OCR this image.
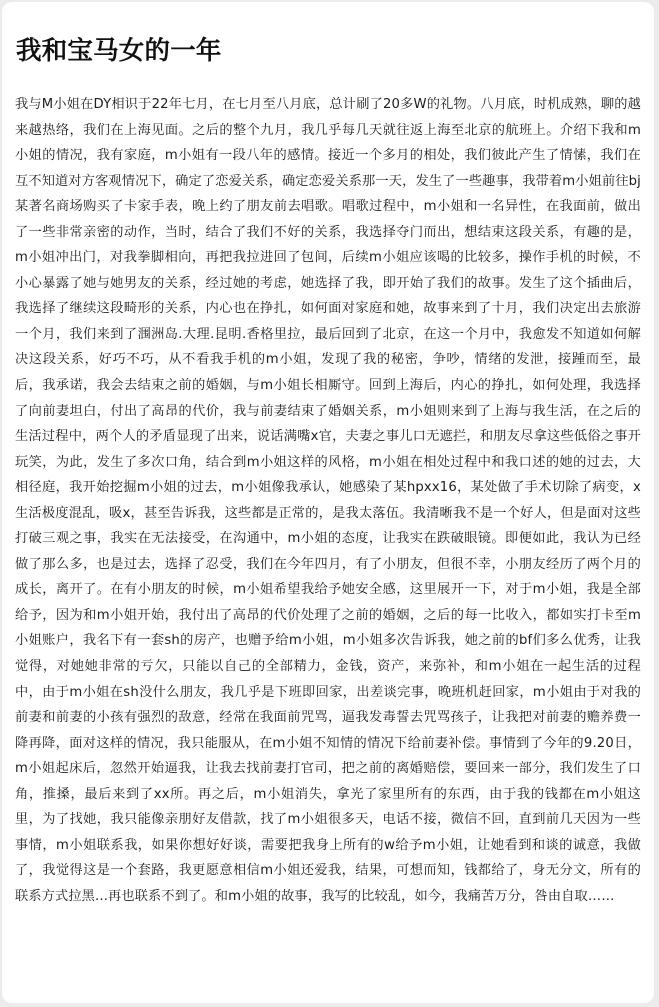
我和宝马女的一年

我与M小姐在DY相识于22年七月，在七月至八月底，总计刷了20多W的礼物。八月底，时机成熟，聊的越来越热络，我们在上海见面。之后的整个九月，我几乎每几天就往返上海至北京的航班上。介绍下我和m小姐的情况，我有家庭，m小姐有一段八年的感情。接近一个多月的相处，我们彼此产生了情愫，我们在互不知道对方客观情况下，确定了恋爱关系，确定恋爱关系那一天，发生了一些趣事，我带着m小姐前往bj某著名商场购买了卡家手表，晚上约了朋友前去唱歌。唱歌过程中，m小姐和一名异性，在我面前，做出了一些非常亲密的动作，当时，结合了我们不好的关系，我选择夺门而出，想结束这段关系，有趣的是，m小姐冲出门，对我拳脚相向，再把我拉进回了包间，后续m小姐应该喝的比较多，操作手机的时候，不小心暴露了她与她男友的关系，经过她的考虑，她选择了我，即开始了我们的故事。发生了这个插曲后，我选择了继续这段畸形的关系，内心也在挣扎，如何面对家庭和她，故事来到了十月，我们决定出去旅游一个月，我们来到了涠洲岛.大理.昆明.香格里拉，最后回到了北京，在这一个月中，我愈发不知道如何解决这段关系，好巧不巧，从不看我手机的m小姐，发现了我的秘密，争吵，情绪的发泄，接踵而至，最后，我承诺，我会去结束之前的婚姻，与m小姐长相厮守。回到上海后，内心的挣扎，如何处理，我选择了向前妻坦白，付出了高昂的代价，我与前妻结束了婚姻关系，m小姐则来到了上海与我生活，在之后的生活过程中，两个人的矛盾显现了出来，说话满嘴x官，夫妻之事儿口无遮拦，和朋友尽拿这些低俗之事开玩笑，为此，发生了多次口角，结合到m小姐这样的风格，m小姐在相处过程中和我口述的她的过去，大相径庭，我开始挖掘m小姐的过去，m小姐像我承认，她感染了某hpxx16，某处做了手术切除了病变，x生活极度混乱，吸x，甚至告诉我，这些都是正常的，是我太落伍。我清晰我不是一个好人，但是面对这些打破三观之事，我实在无法接受，在沟通中，m小姐的态度，让我实在跌破眼镜。即便如此，我认为已经做了那么多，也是过去，选择了忍受，我们在今年四月，有了小朋友，但很不幸，小朋友经历了两个月的成长，离开了。在有小朋友的时候，m小姐希望我给予她安全感，这里展开一下，对于m小姐，我是全部给予，因为和m小姐开始，我付出了高昂的代价处理了之前的婚姻，之后的每一比收入，都如实打卡至m小姐账户，我名下有一套sh的房产，也赠予给m小姐，m小姐多次告诉我，她之前的bf们多么优秀，让我觉得，对她她非常的亏欠，只能以自己的全部精力，金钱，资产，来弥补，和m小姐在一起生活的过程中，由于m小姐在sh没什么朋友，我几乎是下班即回家，出差谈完事，晚班机赶回家，m小姐由于对我的前妻和前妻的小孩有强烈的敌意，经常在我面前咒骂，逼我发毒誓去咒骂孩子，让我把对前妻的赡养费一降再降，面对这样的情况，我只能服从，在m小姐不知情的情况下给前妻补偿。事情到了今年的9.20日，m小姐起床后，忽然开始逼我，让我去找前妻打官司，把之前的离婚赔偿，要回来一部分，我们发生了口角，推搡，最后来到了xx所。再之后，m小姐消失，拿光了家里所有的东西，由于我的钱都在m小姐这里，为了找她，我只能像亲朋好友借款，找了m小姐很多天，电话不接，微信不回，直到前几天因为一些事情，m小姐联系我，如果你想好好谈，需要把我身上所有的w给予m小姐，让她看到和谈的诚意，我做了，我觉得这是一个套路，我更愿意相信m小姐还爱我，结果，可想而知，钱都给了，身无分文，所有的联系方式拉黑...再也联系不到了。和m小姐的故事，我写的比较乱，如今，我痛苦万分，咎由自取……
